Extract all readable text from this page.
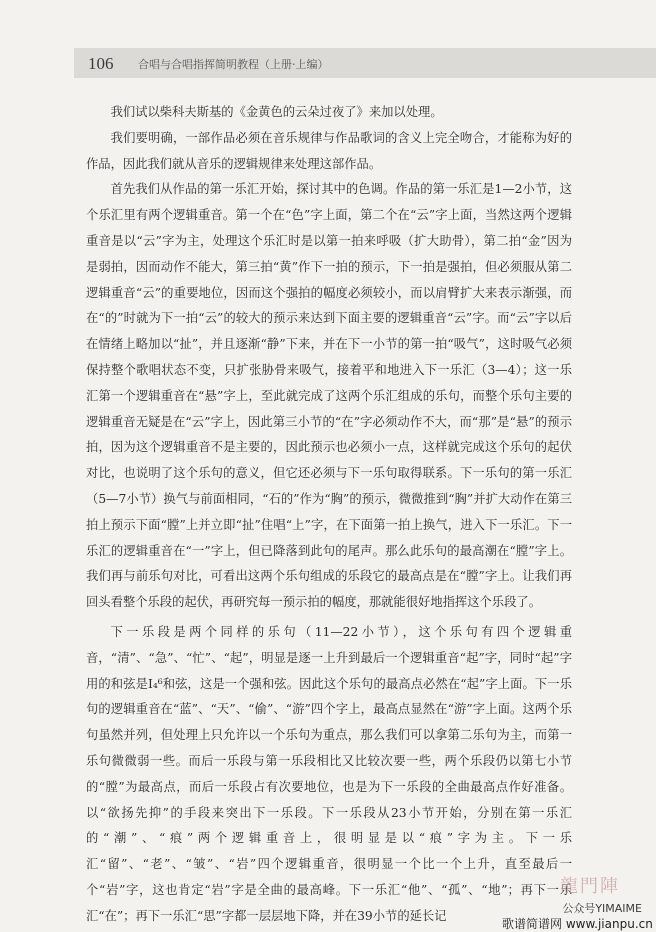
106 合唱与合唱指挥简明教程（上册·上编）

我们试以柴科夫斯基的《金黄色的云朵过夜了》来加以处理。

我们要明确，一部作品必须在音乐规律与作品歌词的含义上完全吻合，才能称为好的作品，因此我们就从音乐的逻辑规律来处理这部作品。

首先我们从作品的第一乐汇开始，探讨其中的色调。作品的第一乐汇是1—2小节，这个乐汇里有两个逻辑重音。第一个在“色”字上面，第二个在“云”字上面，当然这两个逻辑重音是以“云”字为主，处理这个乐汇时是以第一拍来呼吸（扩大助骨），第二拍“金”因为是弱拍，因而动作不能大，第三拍“黄”作下一拍的预示，下一拍是强拍，但必须服从第二逻辑重音“云”的重要地位，因而这个强拍的幅度必须较小，而以肩臂扩大来表示渐强，而在“的”时就为下一拍“云”的较大的预示来达到下面主要的逻辑重音“云”字。而“云”字以后在情绪上略加以“扯”，并且逐渐“静”下来，并在下一小节的第一拍“吸气”，这时吸气必须保持整个歌唱状态不变，只扩张胁骨来吸气，接着平和地进入下一乐汇（3—4）；这一乐汇第一个逻辑重音在“悬”字上，至此就完成了这两个乐汇组成的乐句，而整个乐句主要的逻辑重音无疑是在“云”字上，因此第三小节的“在”字必须动作不大，而“那”是“悬”的预示拍，因为这个逻辑重音不是主要的，因此预示也必须小一点，这样就完成这个乐句的起伏对比，也说明了这个乐句的意义，但它还必须与下一乐句取得联系。下一乐句的第一乐汇（5—7小节）换气与前面相同，“石的”作为“胸”的预示，微微推到“胸”并扩大动作在第三拍上预示下面“膛”上并立即“扯”住唱“上”字，在下面第一拍上换气，进入下一乐汇。下一乐汇的逻辑重音在“一”字上，但已降落到此句的尾声。那么此乐句的最高潮在“膛”字上。我们再与前乐句对比，可看出这两个乐句组成的乐段它的最高点是在“膛”字上。让我们再回头看整个乐段的起伏，再研究每一预示拍的幅度，那就能很好地指挥这个乐段了。

下一乐段是两个同样的乐句（11—22小节），这个乐句有四个逻辑重音，“清”、“急”、“忙”、“起”，明显是逐一上升到最后一个逻辑重音“起”字，同时“起”字用的和弦是I₄⁶和弦，这是一个强和弦。因此这个乐句的最高点必然在“起”字上面。下一乐句的逻辑重音在“蓝”、“天”、“偷”、“游”四个字上，最高点显然在“游”字上面。这两个乐句虽然并列，但处理上只允许以一个乐句为重点，那么我们可以拿第二乐句为主，而第一乐句微微弱一些。而后一乐段与第一乐段相比又比较次要一些，两个乐段仍以第七小节的“膛”为最高点，而后一乐段占有次要地位，也是为下一乐段的全曲最高点作好准备。以“欲扬先抑”的手段来突出下一乐段。下一乐段从23小节开始，分别在第一乐汇的“潮”、“痕”两个逻辑重音上，很明显是以“痕”字为主。下一乐汇“留”、“老”、“皱”、“岩”四个逻辑重音，很明显一个比一个上升，直至最后一个“岩”字，这也肯定“岩”字是全曲的最高峰。下一乐汇“他”、“孤”、“地”；再下一乐汇“在”；再下一乐汇“思”字都一层层地下降，并在39小节的延长记

龍門陣
公众号YIMAIME
歌谱简谱网 www.jianpu.cn
